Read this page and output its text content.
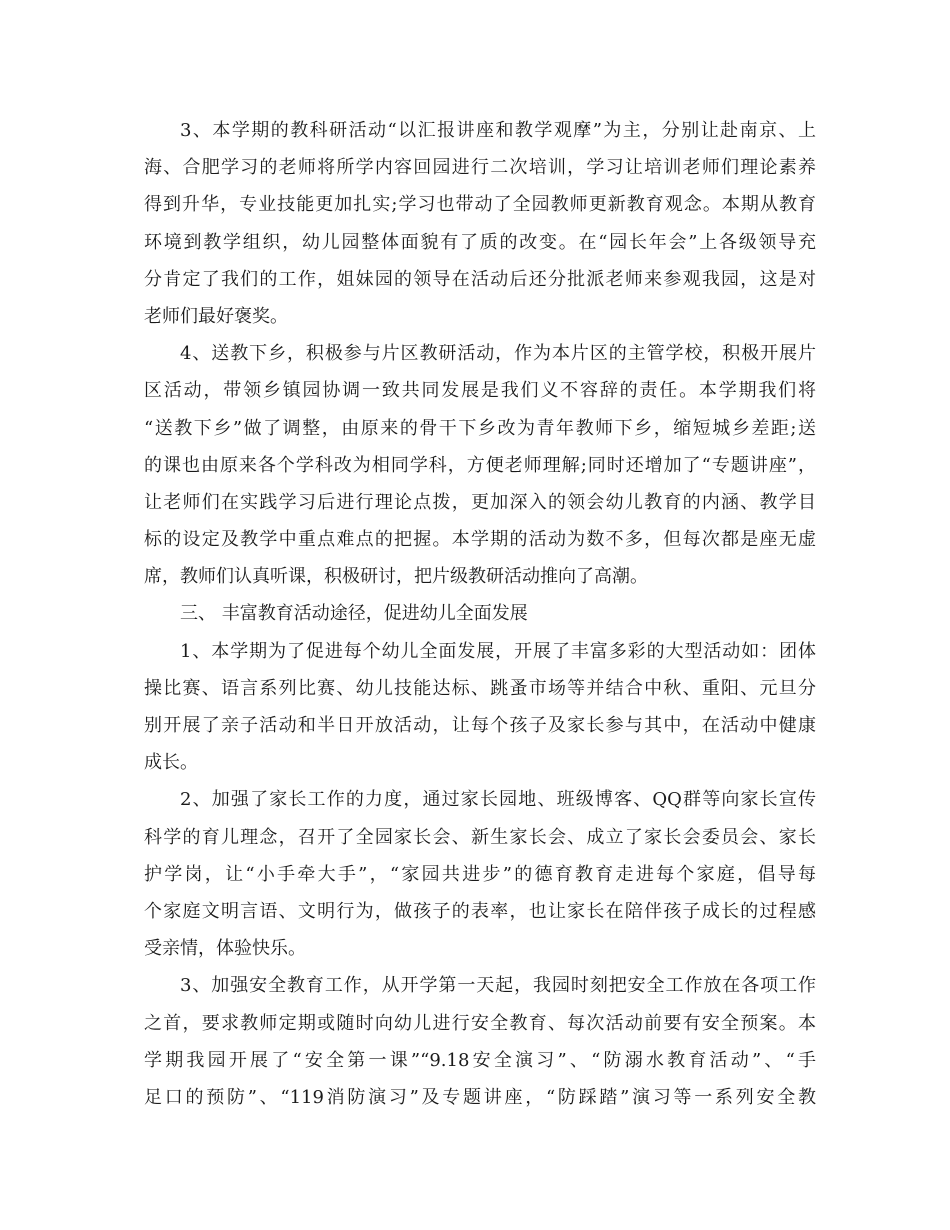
3、本学期的教科研活动“以汇报讲座和教学观摩”为主，分别让赴南京、上
海、合肥学习的老师将所学内容回园进行二次培训，学习让培训老师们理论素养
得到升华，专业技能更加扎实;学习也带动了全园教师更新教育观念。本期从教育
环境到教学组织，幼儿园整体面貌有了质的改变。在“园长年会”上各级领导充
分肯定了我们的工作，姐妹园的领导在活动后还分批派老师来参观我园，这是对
老师们最好褒奖。
4、送教下乡，积极参与片区教研活动，作为本片区的主管学校，积极开展片
区活动，带领乡镇园协调一致共同发展是我们义不容辞的责任。本学期我们将
“送教下乡”做了调整，由原来的骨干下乡改为青年教师下乡，缩短城乡差距;送
的课也由原来各个学科改为相同学科，方便老师理解;同时还增加了“专题讲座”，
让老师们在实践学习后进行理论点拨，更加深入的领会幼儿教育的内涵、教学目
标的设定及教学中重点难点的把握。本学期的活动为数不多，但每次都是座无虚
席，教师们认真听课，积极研讨，把片级教研活动推向了高潮。
三、 丰富教育活动途径，促进幼儿全面发展
1、本学期为了促进每个幼儿全面发展，开展了丰富多彩的大型活动如：团体
操比赛、语言系列比赛、幼儿技能达标、跳蚤市场等并结合中秋、重阳、元旦分
别开展了亲子活动和半日开放活动，让每个孩子及家长参与其中，在活动中健康
成长。
2、加强了家长工作的力度，通过家长园地、班级博客、QQ群等向家长宣传
科学的育儿理念，召开了全园家长会、新生家长会、成立了家长会委员会、家长
护学岗，让“小手牵大手”，“家园共进步”的德育教育走进每个家庭，倡导每
个家庭文明言语、文明行为，做孩子的表率，也让家长在陪伴孩子成长的过程感
受亲情，体验快乐。
3、加强安全教育工作，从开学第一天起，我园时刻把安全工作放在各项工作
之首，要求教师定期或随时向幼儿进行安全教育、每次活动前要有安全预案。本
学期我园开展了“安全第一课”“9.18安全演习”、“防溺水教育活动”、“手
足口的预防”、“119消防演习”及专题讲座，“防踩踏”演习等一系列安全教
